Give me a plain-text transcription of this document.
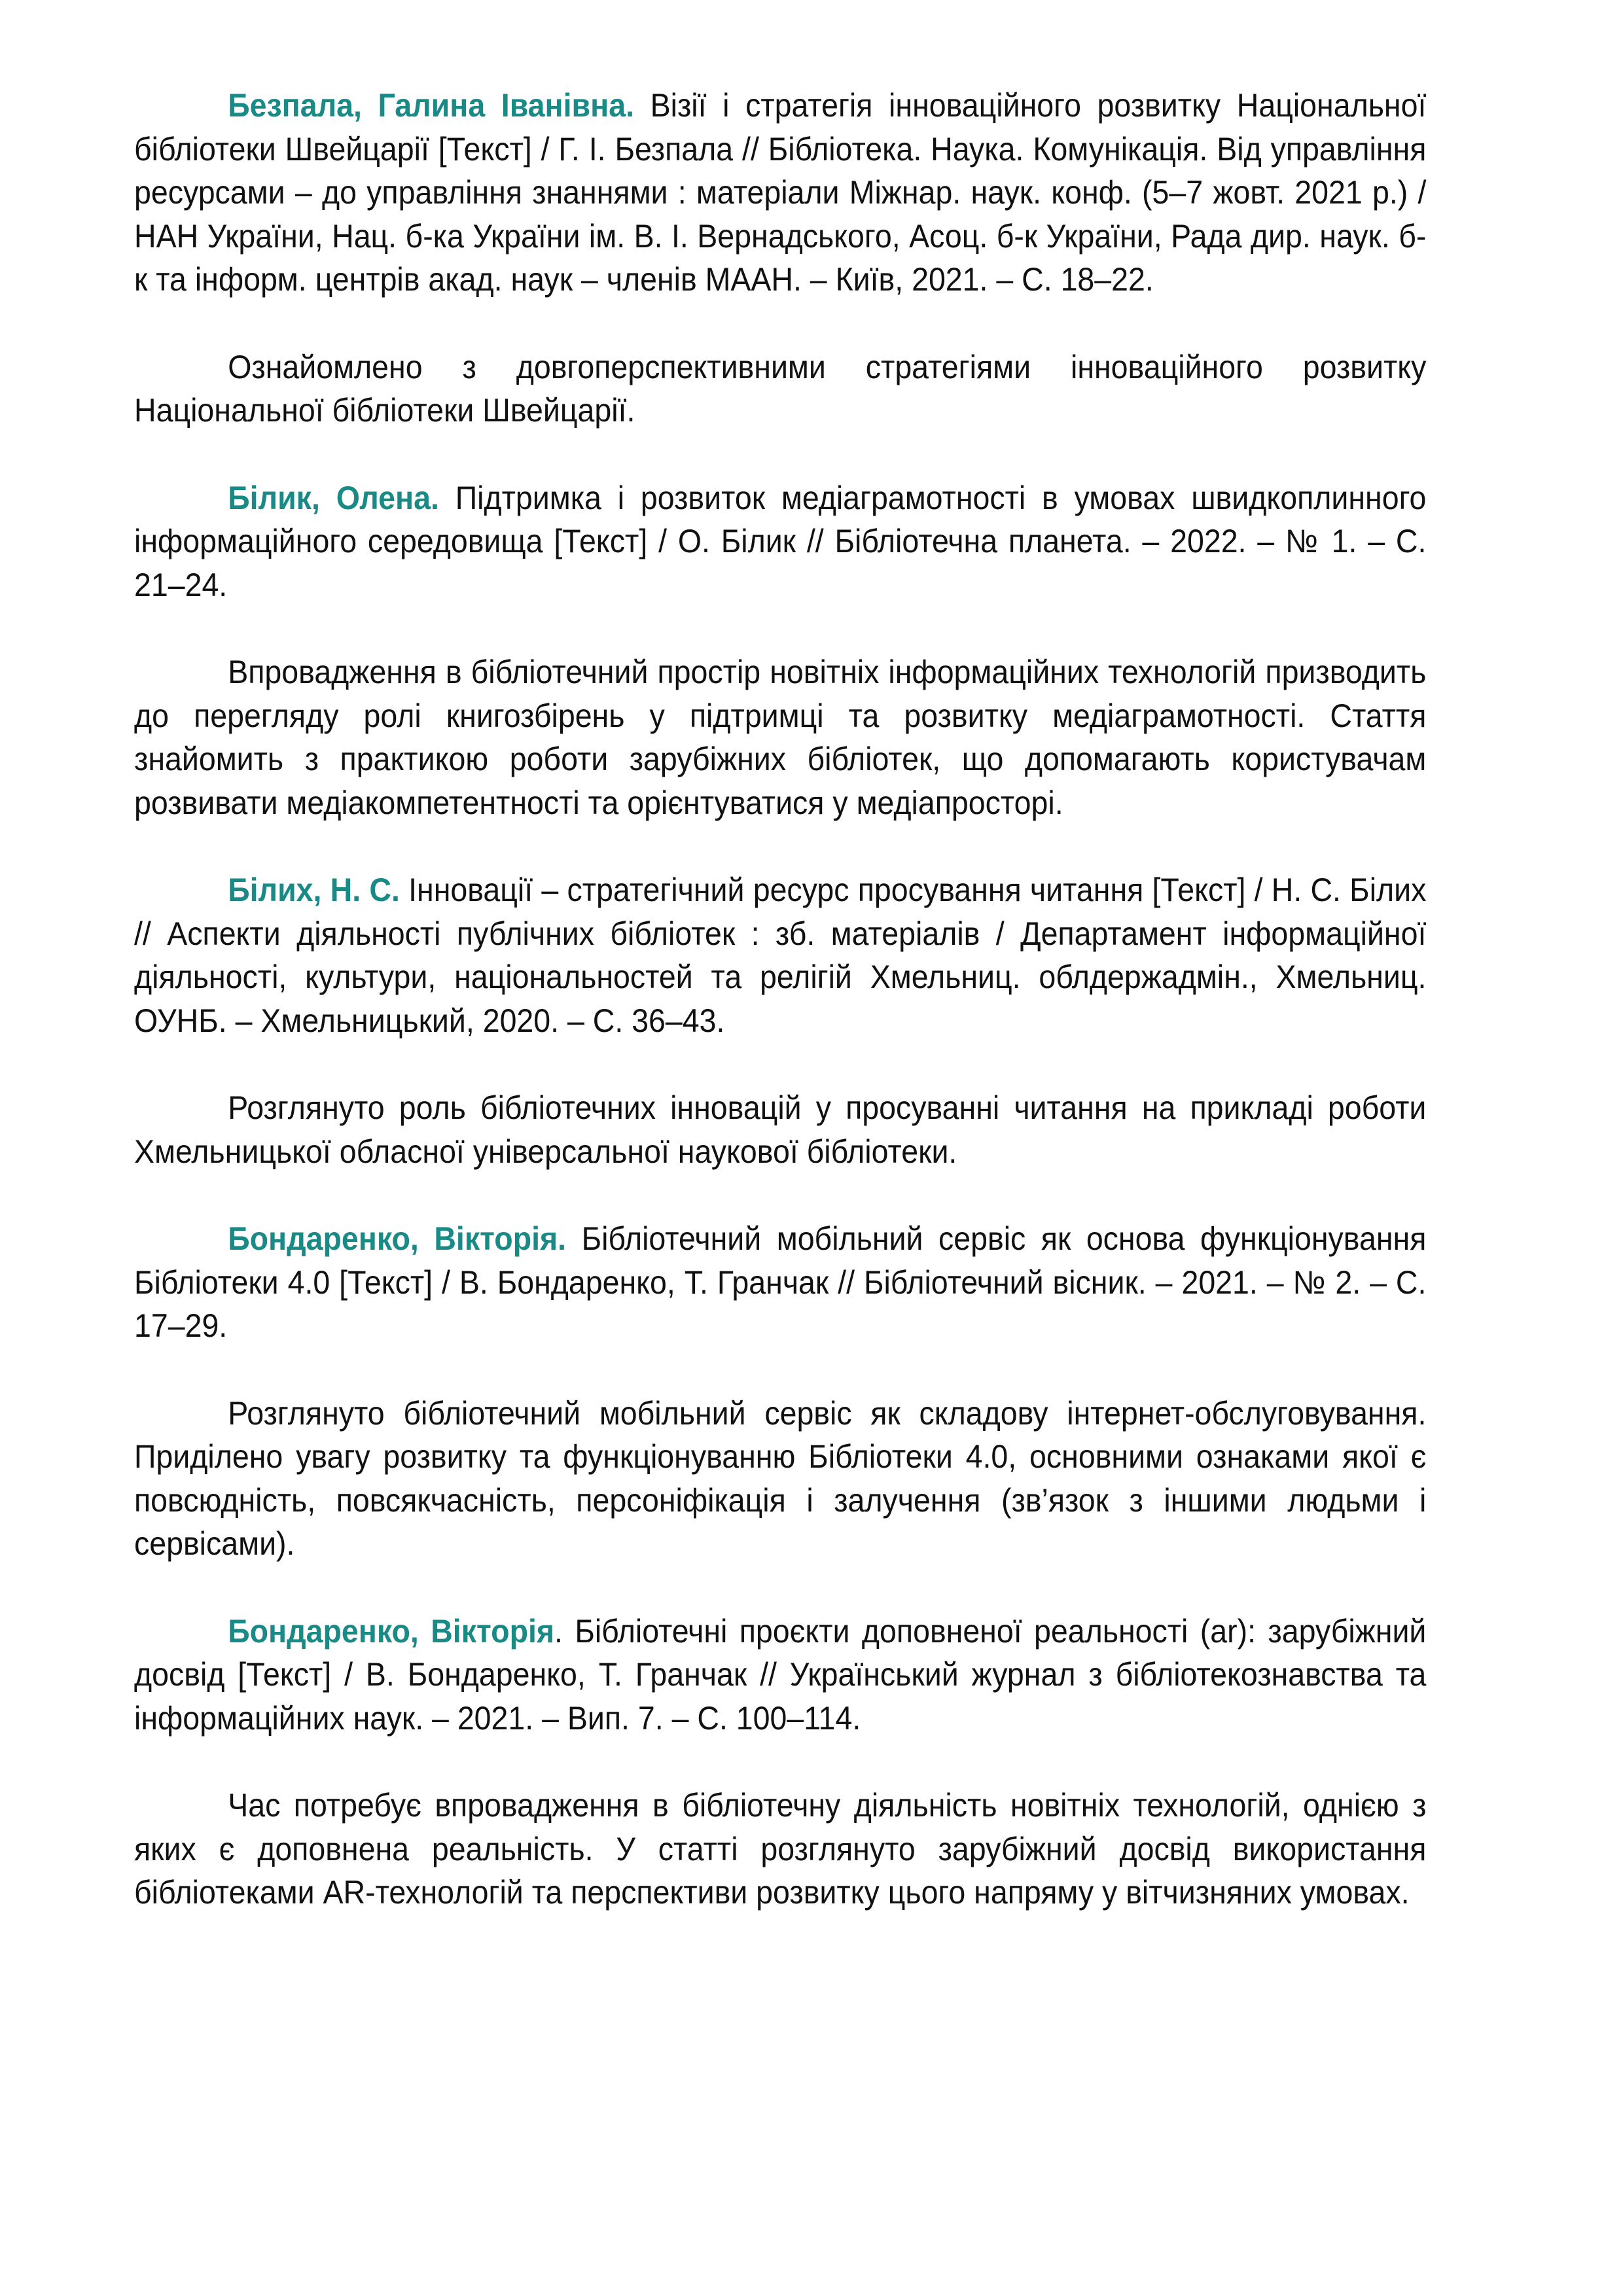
Безпала, Галина Іванівна. Візії і стратегія інноваційного розвитку Національної бібліотеки Швейцарії [Текст] / Г. І. Безпала // Бібліотека. Наука. Комунікація. Від управління ресурсами – до управління знаннями : матеріали Міжнар. наук. конф. (5–7 жовт. 2021 р.) / НАН України, Нац. б-ка України ім. В. І. Вернадського, Асоц. б-к України, Рада дир. наук. б-к та інформ. центрів акад. наук – членів МААН. – Київ, 2021. – С. 18–22.

Ознайомлено з довгоперспективними стратегіями інноваційного розвитку Національної бібліотеки Швейцарії.

Білик, Олена. Підтримка і розвиток медіаграмотності в умовах швидкоплинного інформаційного середовища [Текст] / О. Білик // Бібліотечна планета. – 2022. – № 1. – С. 21–24.

Впровадження в бібліотечний простір новітніх інформаційних технологій призводить до перегляду ролі книгозбірень у підтримці та розвитку медіаграмотності. Стаття знайомить з практикою роботи зарубіжних бібліотек, що допомагають користувачам розвивати медіакомпетентності та орієнтуватися у медіапросторі.

Білих, Н. С. Інновації – стратегічний ресурс просування читання [Текст] / Н. С. Білих // Аспекти діяльності публічних бібліотек : зб. матеріалів / Департамент інформаційної діяльності, культури, національностей та релігій Хмельниц. облдержадмін., Хмельниц. ОУНБ. – Хмельницький, 2020. – С. 36–43.

Розглянуто роль бібліотечних інновацій у просуванні читання на прикладі роботи Хмельницької обласної універсальної наукової бібліотеки.

Бондаренко, Вікторія. Бібліотечний мобільний сервіс як основа функціонування Бібліотеки 4.0 [Текст] / В. Бондаренко, Т. Гранчак // Бібліотечний вісник. – 2021. – № 2. – С. 17–29.

Розглянуто бібліотечний мобільний сервіс як складову інтернет-обслуговування. Приділено увагу розвитку та функціонуванню Бібліотеки 4.0, основними ознаками якої є повсюдність, повсякчасність, персоніфікація і залучення (зв’язок з іншими людьми і сервісами).

Бондаренко, Вікторія. Бібліотечні проєкти доповненої реальності (ar): зарубіжний досвід [Текст] / В. Бондаренко, Т. Гранчак // Український журнал з бібліотекознавства та інформаційних наук. – 2021. – Вип. 7. – С. 100–114.

Час потребує впровадження в бібліотечну діяльність новітніх технологій, однією з яких є доповнена реальність. У статті розглянуто зарубіжний досвід використання бібліотеками AR-технологій та перспективи розвитку цього напряму у вітчизняних умовах.
